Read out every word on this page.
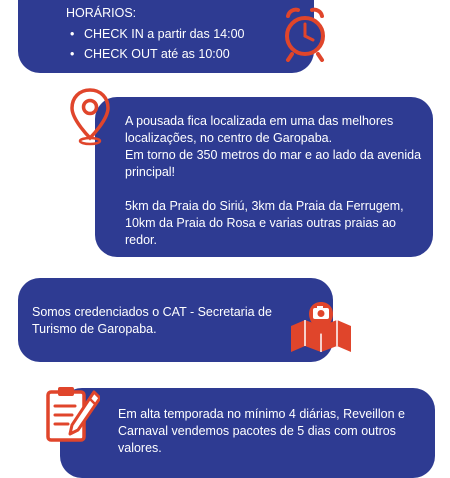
HORÁRIOS:
• CHECK IN a partir das 14:00
• CHECK OUT até as 10:00

A pousada fica localizada em uma das melhores localizações, no centro de Garopaba.

Em torno de 350 metros do mar e ao lado da avenida principal!

5km da Praia do Siriú, 3km da Praia da Ferrugem, 10km da Praia do Rosa e varias outras praias ao redor.

Somos credenciados o CAT - Secretaria de Turismo de Garopaba.

Em alta temporada no mínimo 4 diárias, Reveillon e Carnaval vendemos pacotes de 5 dias com outros valores.
